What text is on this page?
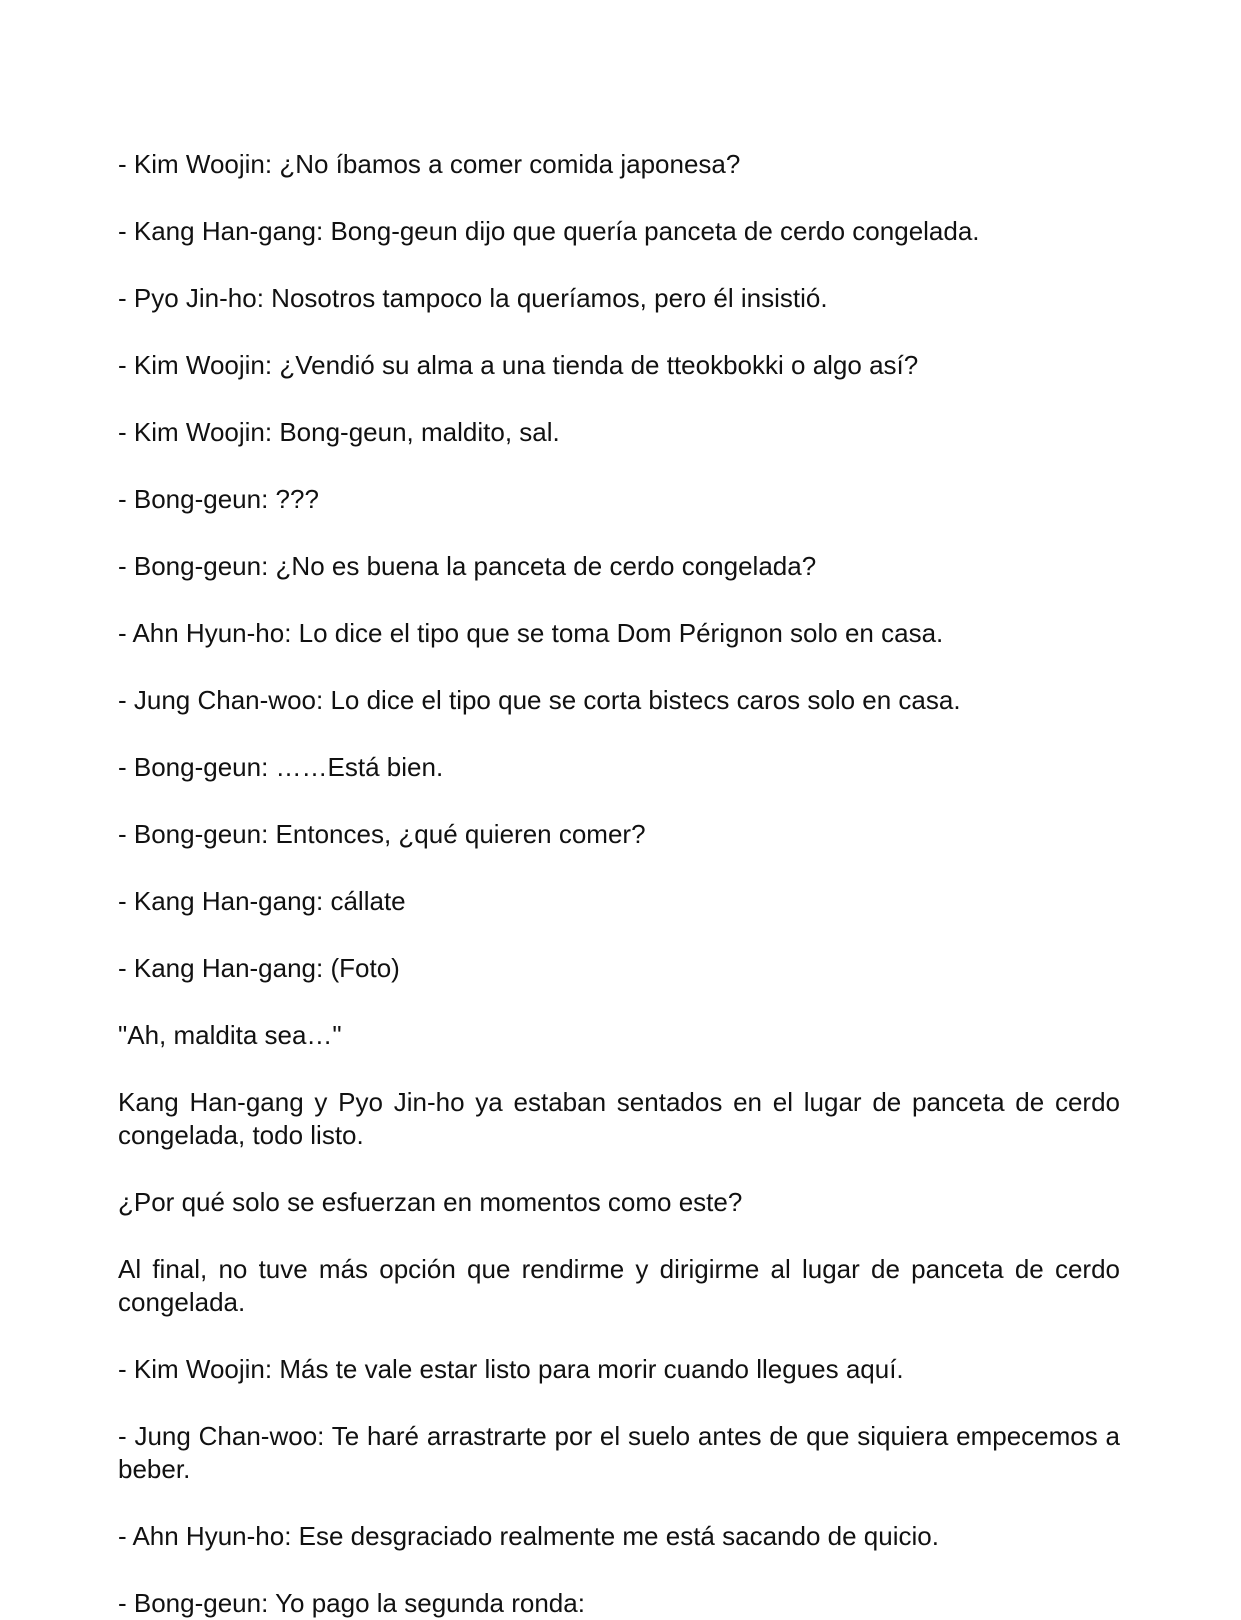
- Kim Woojin: ¿No íbamos a comer comida japonesa?

- Kang Han-gang: Bong-geun dijo que quería panceta de cerdo congelada.

- Pyo Jin-ho: Nosotros tampoco la queríamos, pero él insistió.

- Kim Woojin: ¿Vendió su alma a una tienda de tteokbokki o algo así?

- Kim Woojin: Bong-geun, maldito, sal.

- Bong-geun: ???

- Bong-geun: ¿No es buena la panceta de cerdo congelada?

- Ahn Hyun-ho: Lo dice el tipo que se toma Dom Pérignon solo en casa.

- Jung Chan-woo: Lo dice el tipo que se corta bistecs caros solo en casa.

- Bong-geun: ……Está bien.

- Bong-geun: Entonces, ¿qué quieren comer?

- Kang Han-gang: cállate

- Kang Han-gang: (Foto)

"Ah, maldita sea…"

Kang Han-gang y Pyo Jin-ho ya estaban sentados en el lugar de panceta de cerdo congelada, todo listo.

¿Por qué solo se esfuerzan en momentos como este?

Al final, no tuve más opción que rendirme y dirigirme al lugar de panceta de cerdo congelada.

- Kim Woojin: Más te vale estar listo para morir cuando llegues aquí.

- Jung Chan-woo: Te haré arrastrarte por el suelo antes de que siquiera empecemos a beber.

- Ahn Hyun-ho: Ese desgraciado realmente me está sacando de quicio.

- Bong-geun: Yo pago la segunda ronda:
